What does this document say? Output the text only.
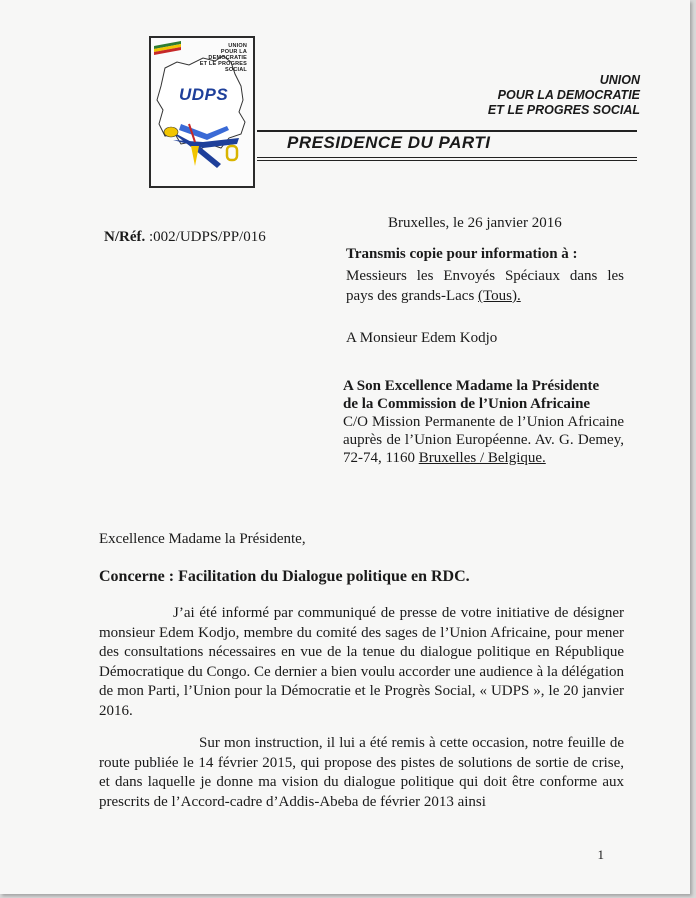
UNION
POUR LA DEMOCRATIE
ET LE PROGRES SOCIAL
UDPS
UNION
POUR LA DEMOCRATIE
ET LE PROGRES SOCIAL
PRESIDENCE DU PARTI
N/Réf. :002/UDPS/PP/016
Bruxelles, le 26 janvier 2016
Transmis copie pour information à :
Messieurs les Envoyés Spéciaux dans les pays des grands-Lacs (Tous).
A Monsieur Edem Kodjo
A Son Excellence Madame la Présidente
de la Commission de l’Union Africaine
C/O Mission Permanente de l’Union Africaine auprès de l’Union Européenne. Av. G. Demey, 72-74, 1160 Bruxelles / Belgique.
Excellence Madame la Présidente,
Concerne : Facilitation du Dialogue politique en RDC.
J’ai été informé par communiqué de presse de votre initiative de désigner monsieur Edem Kodjo, membre du comité des sages de l’Union Africaine, pour mener des consultations nécessaires en vue de la tenue du dialogue politique en République Démocratique du Congo. Ce dernier a bien voulu accorder une audience à la délégation de mon Parti, l’Union pour la Démocratie et le Progrès Social, « UDPS », le 20 janvier 2016.
Sur mon instruction, il lui a été remis à cette occasion, notre feuille de route publiée le 14 février 2015, qui propose des pistes de solutions de sortie de crise, et dans laquelle je donne ma vision du dialogue politique qui doit être conforme aux prescrits de l’Accord-cadre d’Addis-Abeba de février 2013 ainsi
1
